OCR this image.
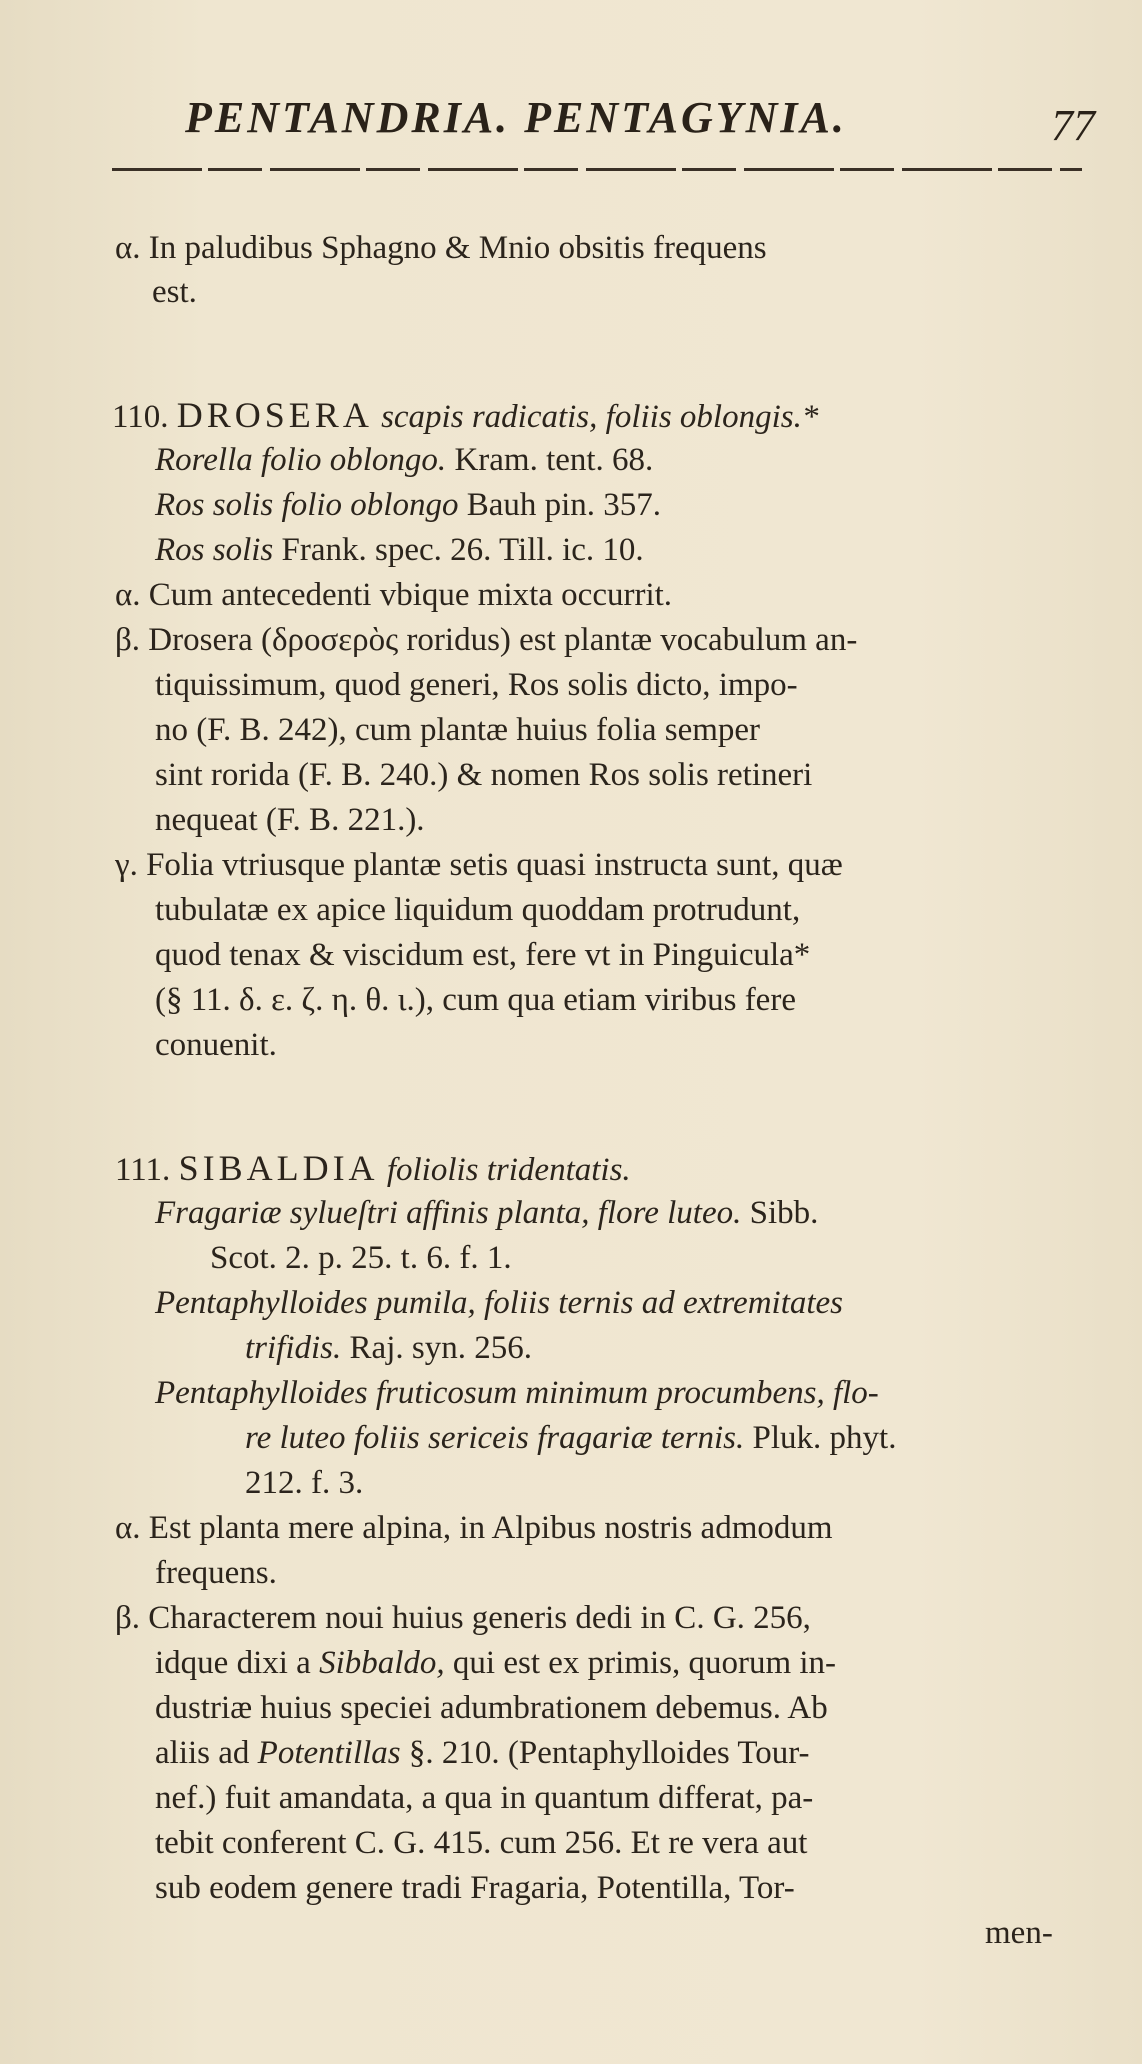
PENTANDRIA. PENTAGYNIA.	77
α. In paludibus Sphagno & Mnio obsitis frequens
est.
110. DROSERA scapis radicatis, foliis oblongis.*
Rorella folio oblongo. Kram. tent. 68.
Ros solis folio oblongo Bauh pin. 357.
Ros solis Frank. spec. 26. Till. ic. 10.
α. Cum antecedenti vbique mixta occurrit.
β. Drosera (δροσερὸς roridus) est plantæ vocabulum an-
tiquissimum, quod generi, Ros solis dicto, impo-
no (F. B. 242), cum plantæ huius folia semper
sint rorida (F. B. 240.) & nomen Ros solis retineri
nequeat (F. B. 221.).
γ. Folia vtriusque plantæ setis quasi instructa sunt, quæ
tubulatæ ex apice liquidum quoddam protrudunt,
quod tenax & viscidum est, fere vt in Pinguicula*
(§ 11. δ. ε. ζ. η. θ. ι.), cum qua etiam viribus fere
conuenit.
111. SIBALDIA foliolis tridentatis.
Fragariæ sylueſtri affinis planta, flore luteo. Sibb.
Scot. 2. p. 25. t. 6. f. 1.
Pentaphylloides pumila, foliis ternis ad extremitates
trifidis. Raj. syn. 256.
Pentaphylloides fruticosum minimum procumbens, flo-
re luteo foliis sericeis fragariæ ternis. Pluk. phyt.
212. f. 3.
α. Est planta mere alpina, in Alpibus nostris admodum
frequens.
β. Characterem noui huius generis dedi in C. G. 256,
idque dixi a Sibbaldo, qui est ex primis, quorum in-
dustriæ huius speciei adumbrationem debemus. Ab
aliis ad Potentillas §. 210. (Pentaphylloides Tour-
nef.) fuit amandata, a qua in quantum differat, pa-
tebit conferent C. G. 415. cum 256. Et re vera aut
sub eodem genere tradi Fragaria, Potentilla, Tor-
men-
